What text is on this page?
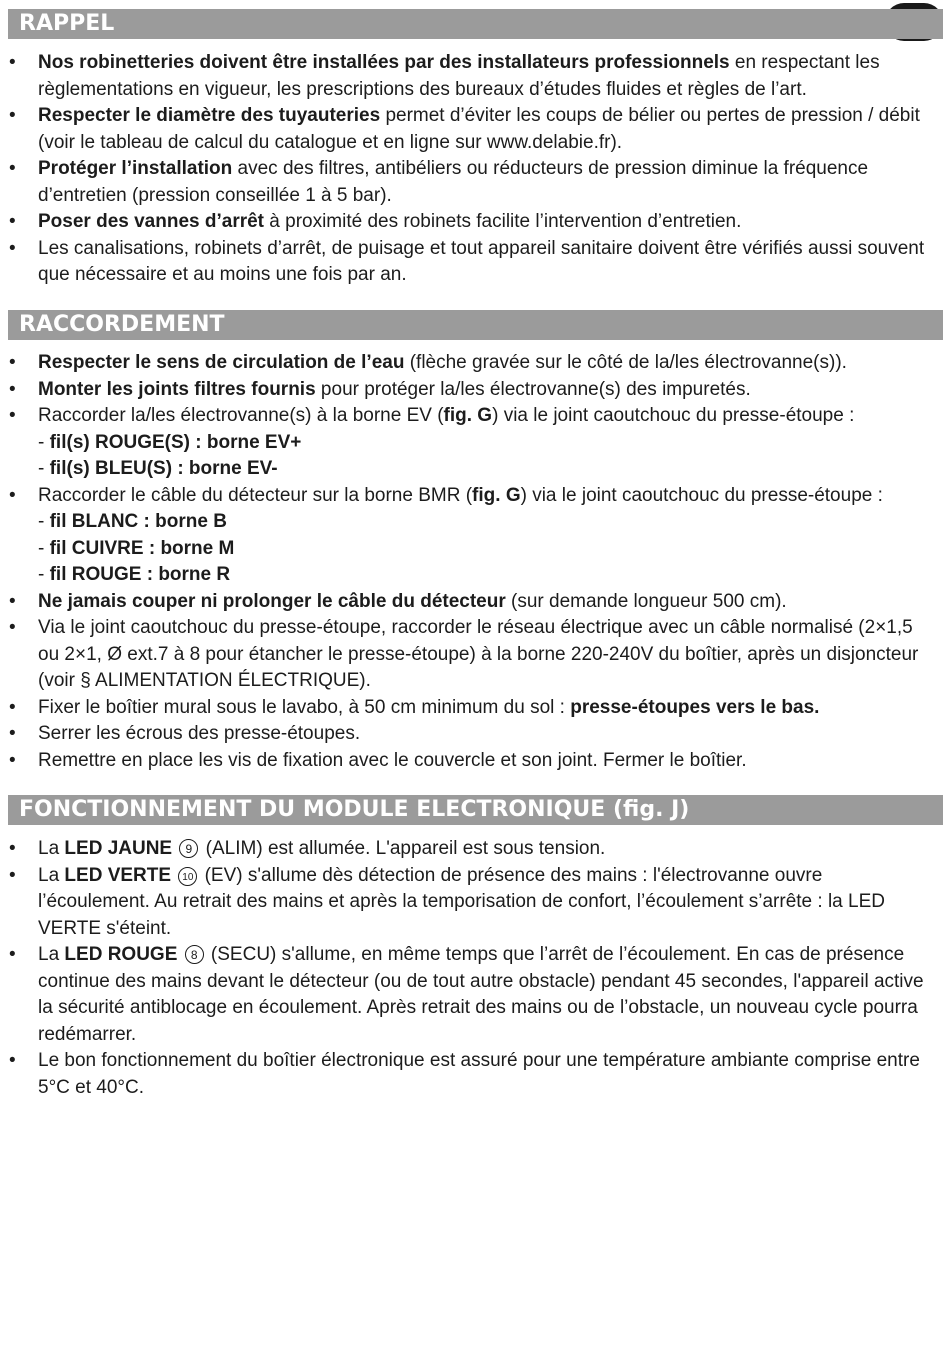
RAPPEL
• Nos robinetteries doivent être installées par des installateurs professionnels en respectant les règlementations en vigueur, les prescriptions des bureaux d’études fluides et règles de l’art.
• Respecter le diamètre des tuyauteries permet d’éviter les coups de bélier ou pertes de pression / débit (voir le tableau de calcul du catalogue et en ligne sur www.delabie.fr).
• Protéger l’installation avec des filtres, antibéliers ou réducteurs de pression diminue la fréquence d’entretien (pression conseillée 1 à 5 bar).
• Poser des vannes d’arrêt à proximité des robinets facilite l’intervention d’entretien.
• Les canalisations, robinets d’arrêt, de puisage et tout appareil sanitaire doivent être vérifiés aussi souvent que nécessaire et au moins une fois par an.
RACCORDEMENT
• Respecter le sens de circulation de l’eau (flèche gravée sur le côté de la/les électrovanne(s)).
• Monter les joints filtres fournis pour protéger la/les électrovanne(s) des impuretés.
• Raccorder la/les électrovanne(s) à la borne EV (fig. G) via le joint caoutchouc du presse-étoupe :
- fil(s) ROUGE(S) : borne EV+
- fil(s) BLEU(S) : borne EV-
• Raccorder le câble du détecteur sur la borne BMR (fig. G) via le joint caoutchouc du presse-étoupe :
- fil BLANC : borne B
- fil CUIVRE : borne M
- fil ROUGE : borne R
• Ne jamais couper ni prolonger le câble du détecteur (sur demande longueur 500 cm).
• Via le joint caoutchouc du presse-étoupe, raccorder le réseau électrique avec un câble normalisé (2×1,5 ou 2×1, Ø ext.7 à 8 pour étancher le presse-étoupe) à la borne 220-240V du boîtier, après un disjoncteur (voir § ALIMENTATION ÉLECTRIQUE).
• Fixer le boîtier mural sous le lavabo, à 50 cm minimum du sol : presse-étoupes vers le bas.
• Serrer les écrous des presse-étoupes.
• Remettre en place les vis de fixation avec le couvercle et son joint. Fermer le boîtier.
FONCTIONNEMENT DU MODULE ELECTRONIQUE (fig. J)
• La LED JAUNE 9 (ALIM) est allumée. L'appareil est sous tension.
• La LED VERTE 10 (EV) s'allume dès détection de présence des mains : l'électrovanne ouvre l’écoulement. Au retrait des mains et après la temporisation de confort, l’écoulement s’arrête : la LED VERTE s'éteint.
• La LED ROUGE 8 (SECU) s'allume, en même temps que l’arrêt de l’écoulement. En cas de présence continue des mains devant le détecteur (ou de tout autre obstacle) pendant 45 secondes, l'appareil active la sécurité antiblocage en écoulement. Après retrait des mains ou de l’obstacle, un nouveau cycle pourra redémarrer.
• Le bon fonctionnement du boîtier électronique est assuré pour une température ambiante comprise entre 5°C et 40°C.
